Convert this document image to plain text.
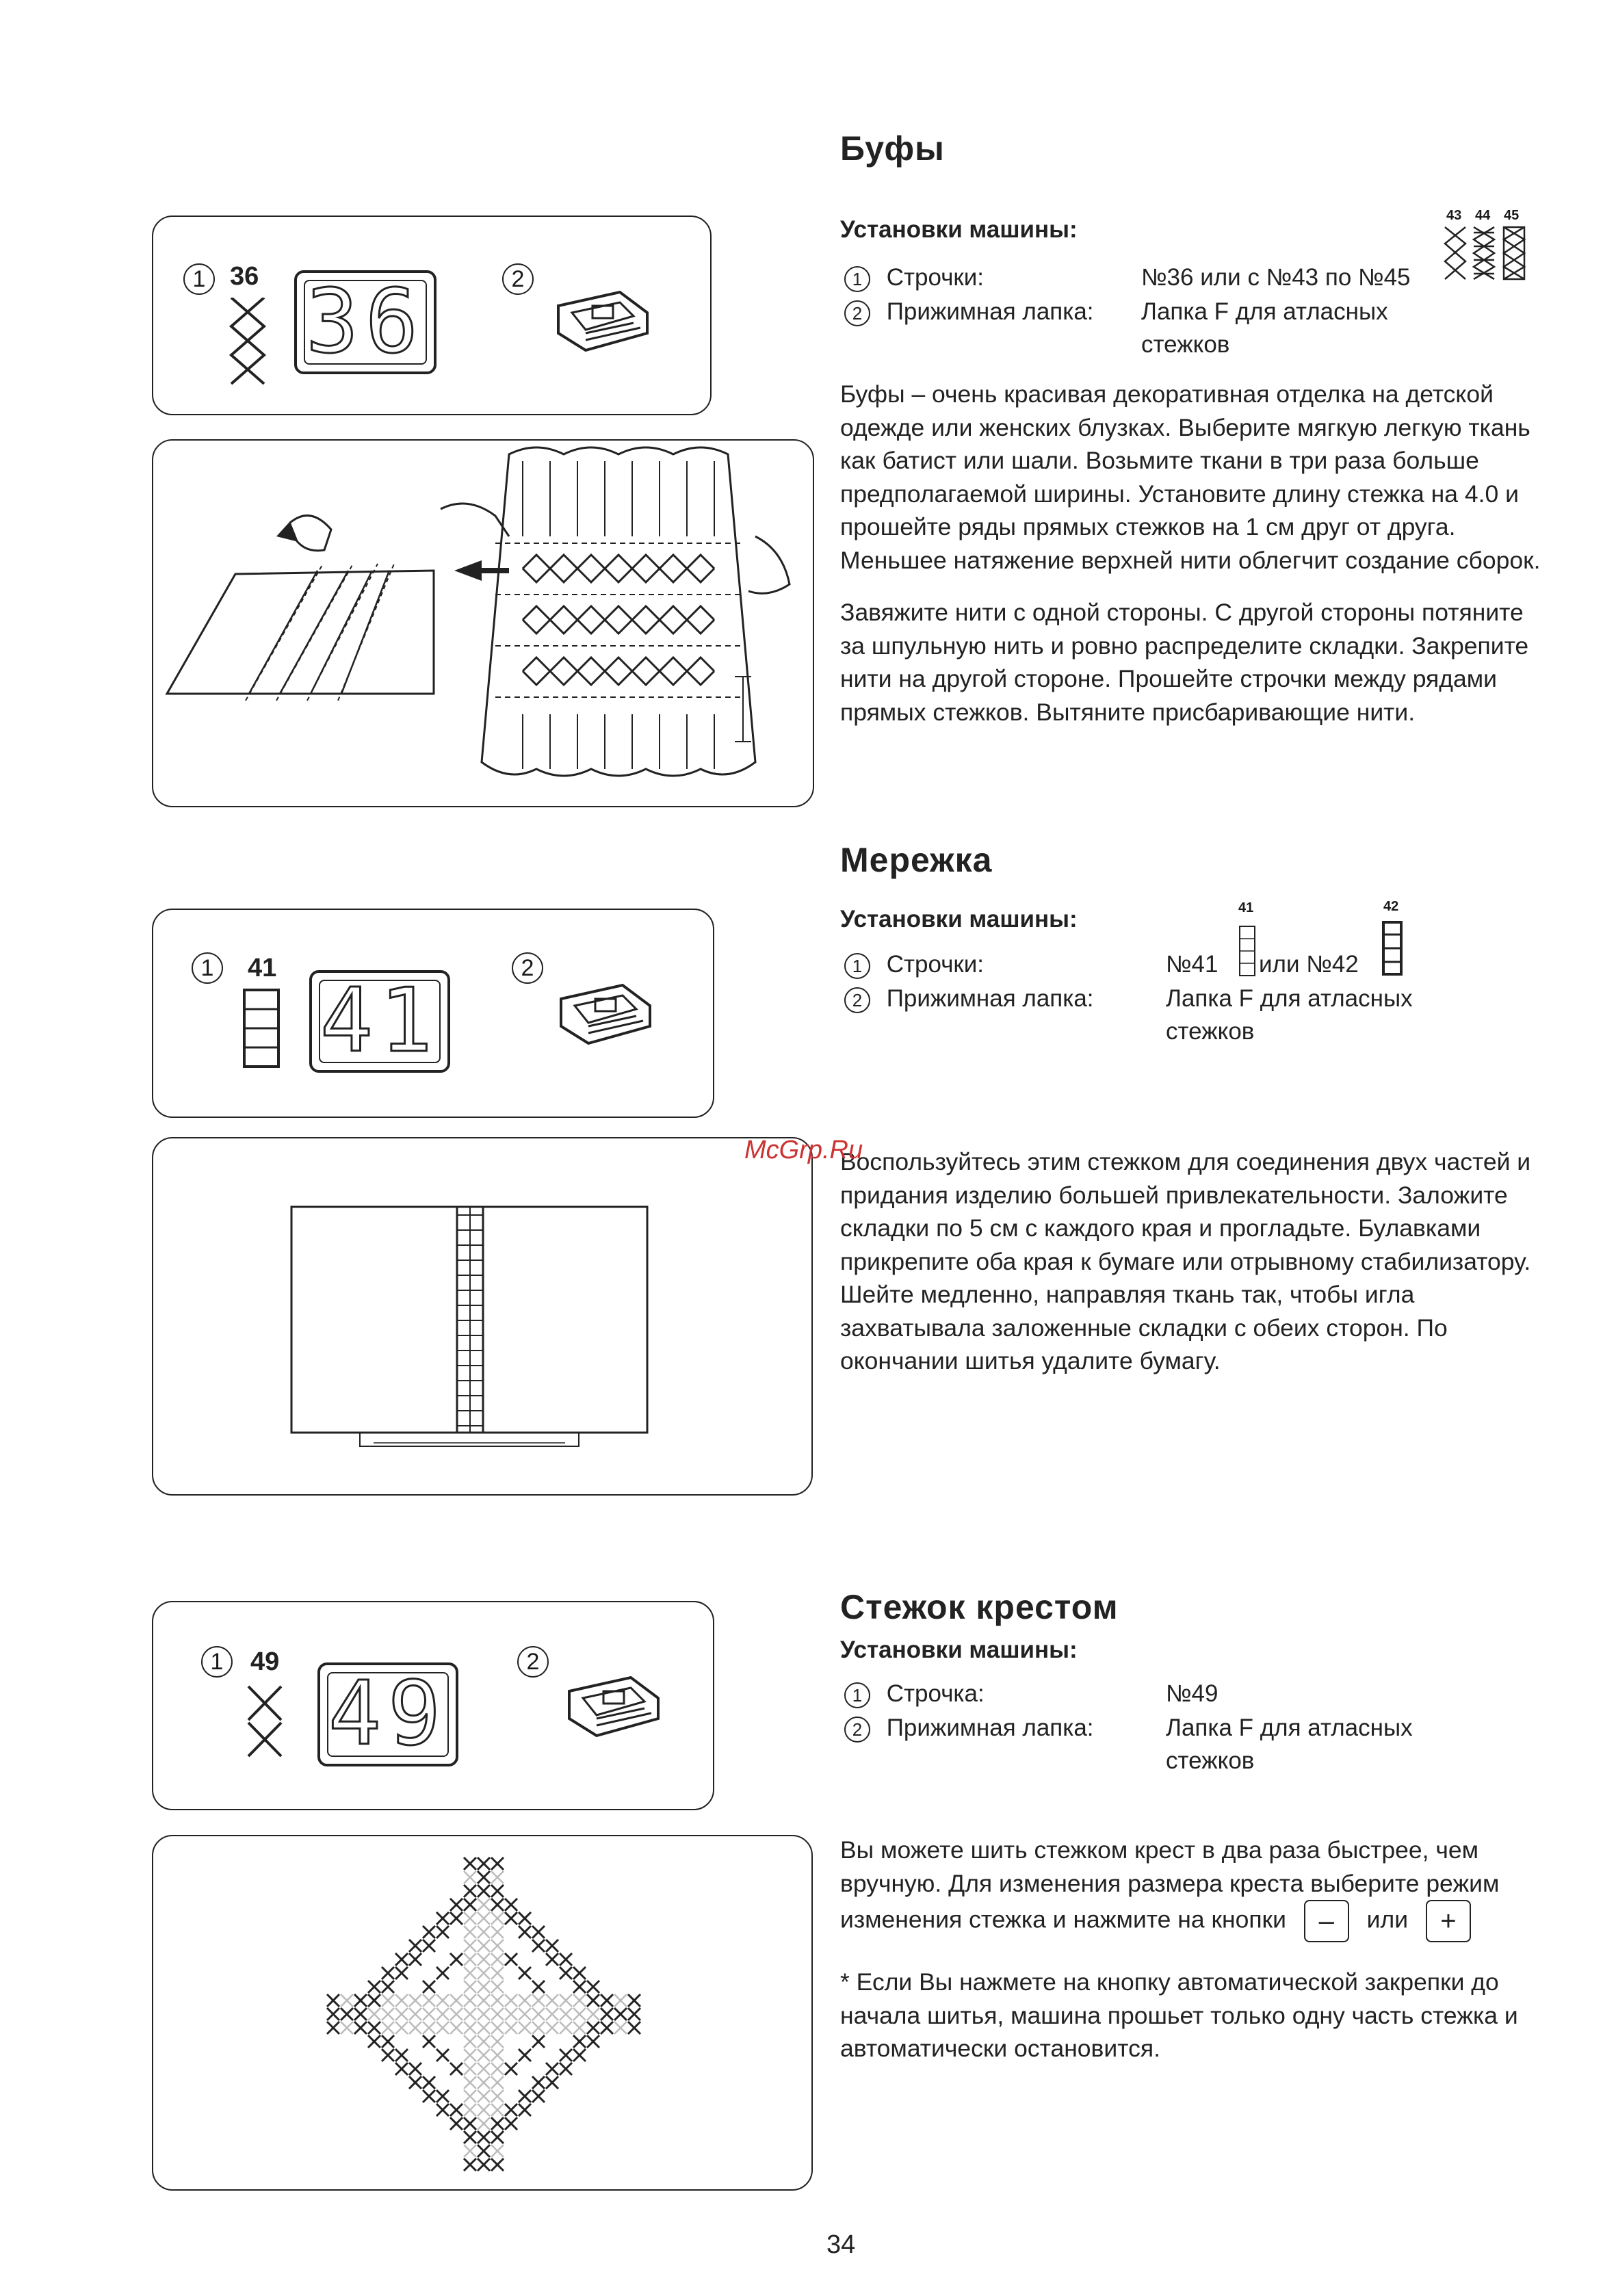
Буфы
1 36 36	2
Установки машины:
1 Строчки:	№36 или с №43 по №45
2 Прижимная лапка: Лапка F для атласных
стежков
43 44 45

Буфы – очень красивая декоративная отделка на детской одежде или женских блузках. Выберите мягкую легкую ткань как батист или шали. Возьмите ткани в три раза больше предполагаемой ширины. Установите длину стежка на 4.0 и прошейте ряды прямых стежков на 1 см друг от друга. Меньшее натяжение верхней нити облегчит создание сборок.

Завяжите нити с одной стороны. С другой стороны потяните за шпульную нить и ровно распределите складки. Закрепите нити на другой стороне. Прошейте строчки между рядами прямых стежков. Вытяните присбаривающие нити.

Мережка
1	41
41
2
Установки машины:
1 Строчки:	№41
41
или №42
42
2 Прижимная лапка:	Лапка F для атласных
стежков

Воспользуйтесь этим стежком для соединения двух частей и придания изделию большей привлекательности. Заложите складки по 5 см с каждого края и прогладьте. Булавками прикрепите оба края к бумаге или отрывному стабилизатору. Шейте медленно, направляя ткань так, чтобы игла захватывала заложенные складки с обеих сторон. По окончании шитья удалите бумагу.

McGrp.Ru
Стежок крестом
Установки машины:
1	49
49
2
1 Строчка:	№49
2 Прижимная лапка:	Лапка F для атласных
стежков

Вы можете шить стежком крест в два раза быстрее, чем вручную. Для изменения размера креста выберите режим изменения стежка и нажмите на кнопки – или +

* Если Вы нажмете на кнопку автоматической закрепки до начала шитья, машина прошьет только одну часть стежка и автоматически остановится.

34
